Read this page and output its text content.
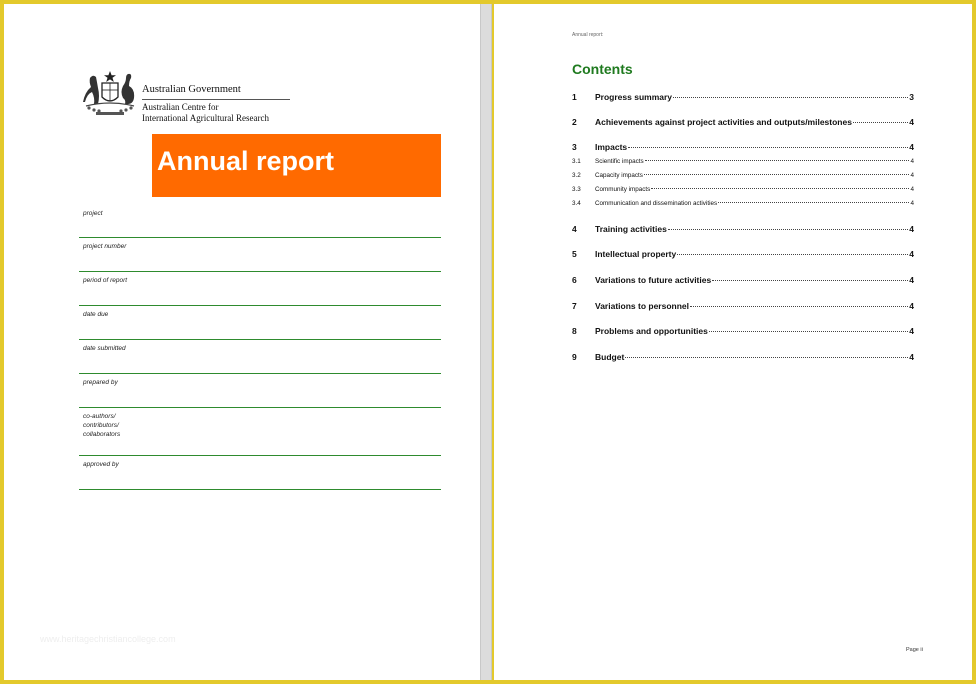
Australian Government
Australian Centre for
International Agricultural Research
Annual report
project
project number
period of report
date due
date submitted
prepared by
co-authors/
contributors/
collaborators
approved by
www.heritagechristiancollege.com
Annual report:
Contents
1	Progress summary	3
2	Achievements against project activities and outputs/milestones	4
3	Impacts	4
3.1	Scientific impacts	4
3.2	Capacity impacts	4
3.3	Community impacts	4
3.4	Communication and dissemination activities	4
4	Training activities	4
5	Intellectual property	4
6	Variations to future activities	4
7	Variations to personnel	4
8	Problems and opportunities	4
9	Budget	4
Page ii
